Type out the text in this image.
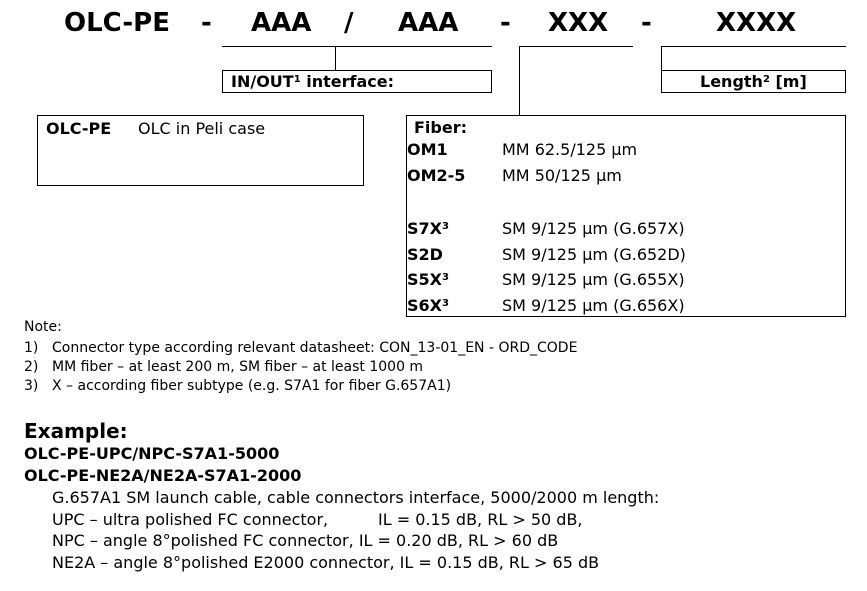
OLC-PE - AAA / AAA - XXX - XXXX
IN/OUT$^1$ interface:	Length$^2$ [m]
OLC-PE OLC in Peli case	Fiber:
OM1	MM 62.5/125 µm
OM2-5 MM 50/125 µm
$S7X^3$	SM 9/125 µm (G.657X)
S2D	SM 9/125 µm (G.652D)
$S5X^3$	SM 9/125 µm (G.655X)
$S6X^3$	SM 9/125 µm (G.656X)
Note:
1) Connector type according relevant datasheet: CON_13-01_EN - ORD_CODE
2) MM fiber – at least 200 m, SM fiber – at least 1000 m
3) X – according fiber subtype (e.g. S7A1 for fiber G.657A1)
Example:
OLC-PE-UPC/NPC-S7A1-5000
OLC-PE-NE2A/NE2A-S7A1-2000
G.657A1 SM launch cable, cable connectors interface, 5000/2000 m length:
UPC – ultra polished FC connector,	IL = 0.15 dB, RL > 50 dB,
NPC – angle 8°polished FC connector, IL = 0.20 dB, RL > 60 dB
NE2A – angle 8°polished E2000 connector, IL = 0.15 dB, RL > 65 dB
